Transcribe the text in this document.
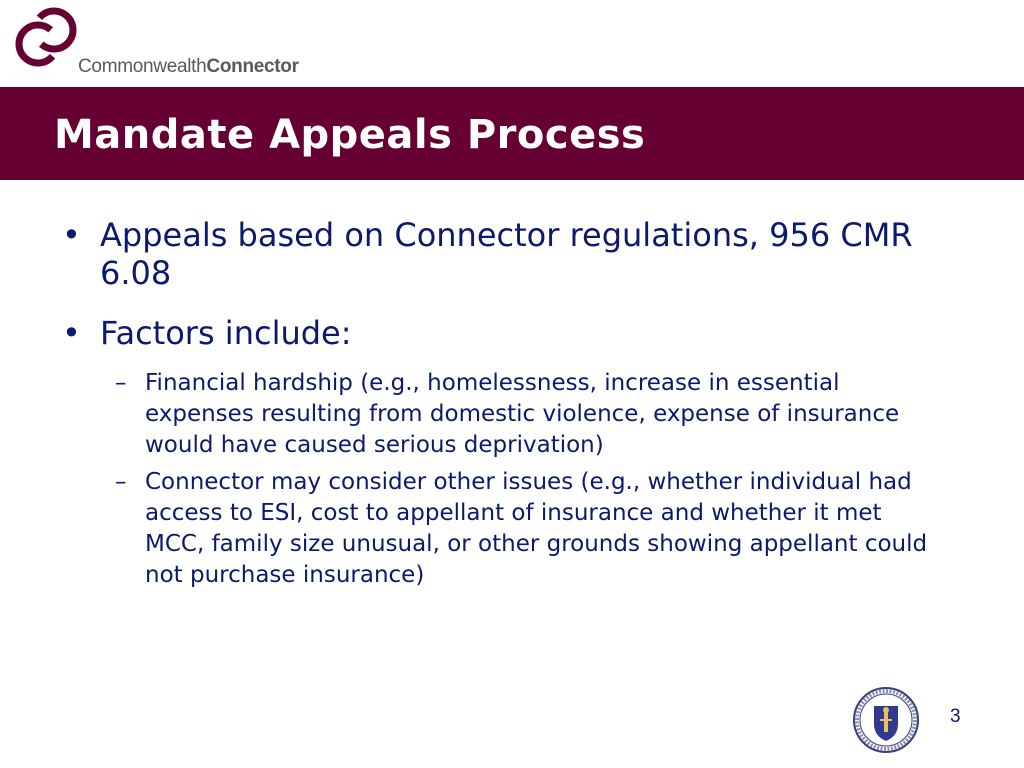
CommonwealthConnector
Mandate Appeals Process
• Appeals based on Connector regulations, 956 CMR 6.08
• Factors include:
– Financial hardship (e.g., homelessness, increase in essential expenses resulting from domestic violence, expense of insurance would have caused serious deprivation)
– Connector may consider other issues (e.g., whether individual had access to ESI, cost to appellant of insurance and whether it met MCC, family size unusual, or other grounds showing appellant could not purchase insurance)
3
